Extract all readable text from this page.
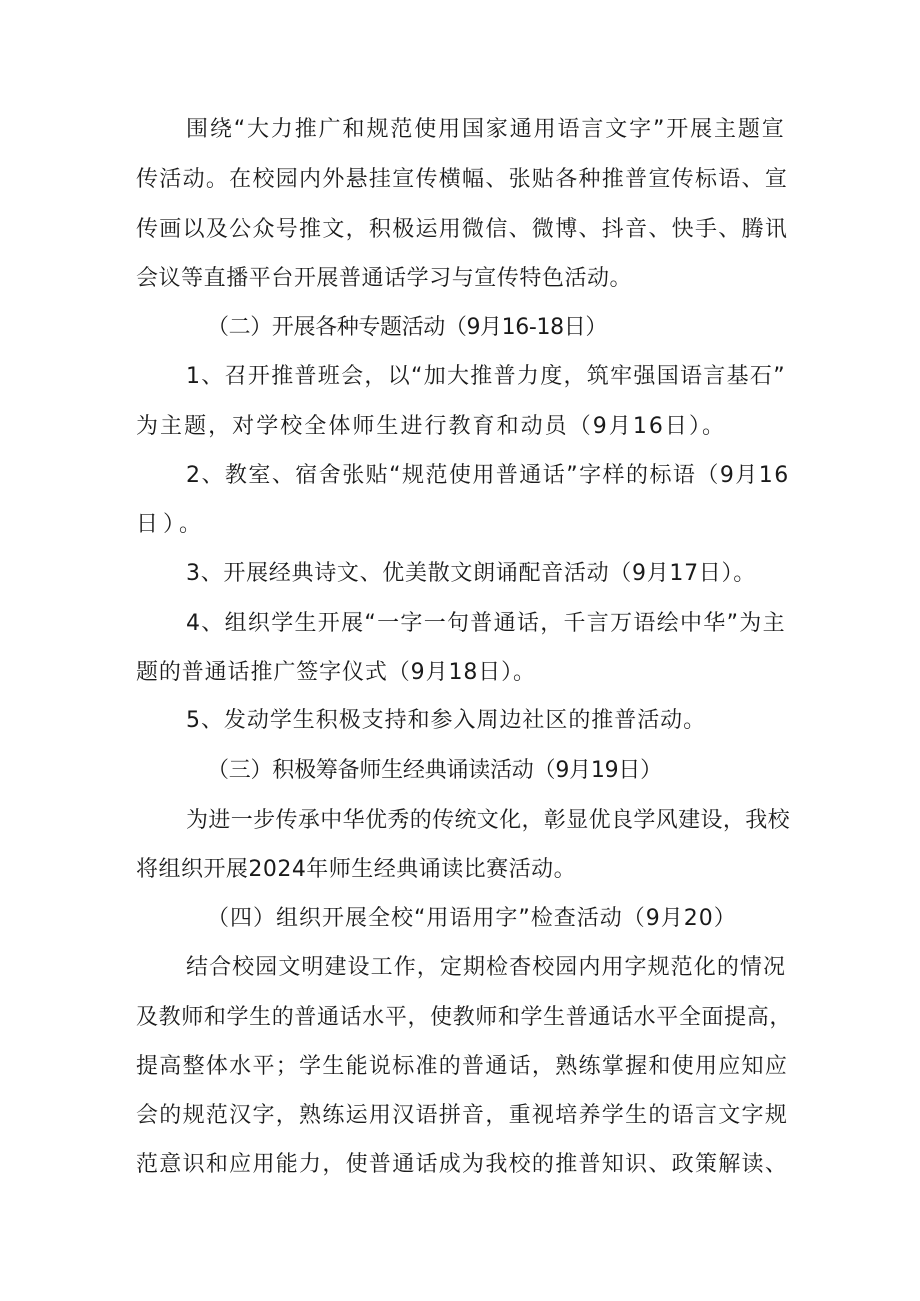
围绕“大力推广和规范使用国家通用语言文字”开展主题宣
传活动。在校园内外悬挂宣传横幅、张贴各种推普宣传标语、宣
传画以及公众号推文，积极运用微信、微博、抖音、快手、腾讯
会议等直播平台开展普通话学习与宣传特色活动。
（二）开展各种专题活动（9月16-18日）
1、召开推普班会，以“加大推普力度，筑牢强国语言基石”
为主题，对学校全体师生进行教育和动员（9月16日）。
2、教室、宿舍张贴“规范使用普通话”字样的标语（9月16
日）。
3、开展经典诗文、优美散文朗诵配音活动（9月17日）。
4、组织学生开展“一字一句普通话，千言万语绘中华”为主
题的普通话推广签字仪式（9月18日）。
5、发动学生积极支持和参入周边社区的推普活动。
（三）积极筹备师生经典诵读活动（9月19日）
为进一步传承中华优秀的传统文化，彰显优良学风建设，我校
将组织开展2024年师生经典诵读比赛活动。
（四）组织开展全校“用语用字”检查活动（9月20）
结合校园文明建设工作，定期检杳校园内用字规范化的情况
及教师和学生的普通话水平，使教师和学生普通话水平全面提高，
提高整体水平；学生能说标准的普通话，熟练掌握和使用应知应
会的规范汉字，熟练运用汉语拼音，重视培养学生的语言文字规
范意识和应用能力，使普通话成为我校的推普知识、政策解读、
